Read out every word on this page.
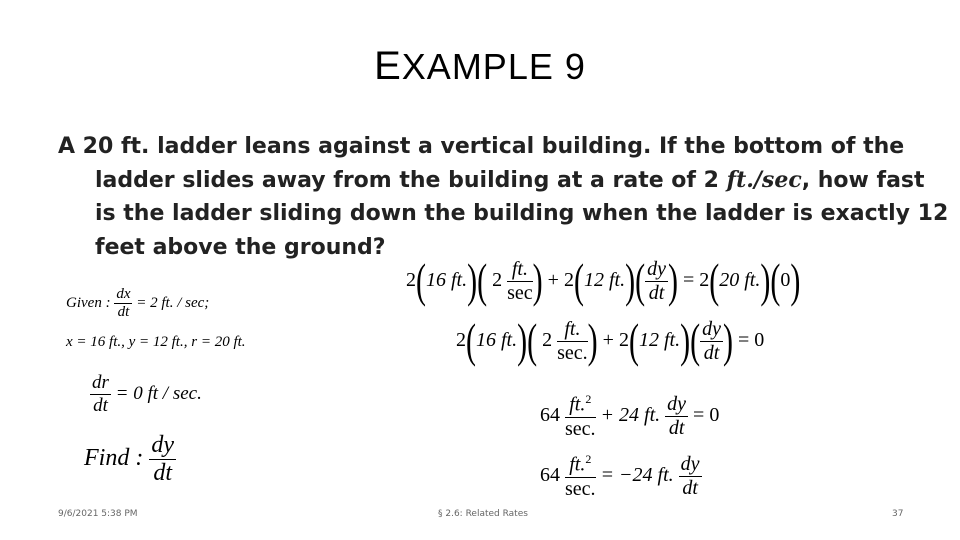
EXAMPLE 9
A 20 ft. ladder leans against a vertical building. If the bottom of the
ladder slides away from the building at a rate of 2 ft./sec, how fast
is the ladder sliding down the building when the ladder is exactly 12
feet above the ground?
Given : $\frac{dx}{dt} = 2$ ft. / sec;
x = 16 ft., y = 12 ft., r = 20 ft.
$\frac{dr}{dt} = 0$ ft / sec.
Find : $\frac{dy}{dt}$
2(16 ft.)( $2 \frac{ft.}{\sec}$ ) + 2(12 $ft.)( \frac{dy}{dt}$ ) = 2(20 ft.)(0)
2(16 ft.)( $2 \frac{ft.}{\sec.}$ ) + 2(12 $ft.)( \frac{dy}{dt}$ ) = 0
$64 \frac{ft.^2}{\sec.} + 24$ ft. $\frac{dy}{dt} = 0$
$64 \frac{ft.^2}{\sec.} = -24$ ft. $\frac{dy}{dt}$
9/6/2021 5:38 PM	§ 2.6: Related Rates	37
